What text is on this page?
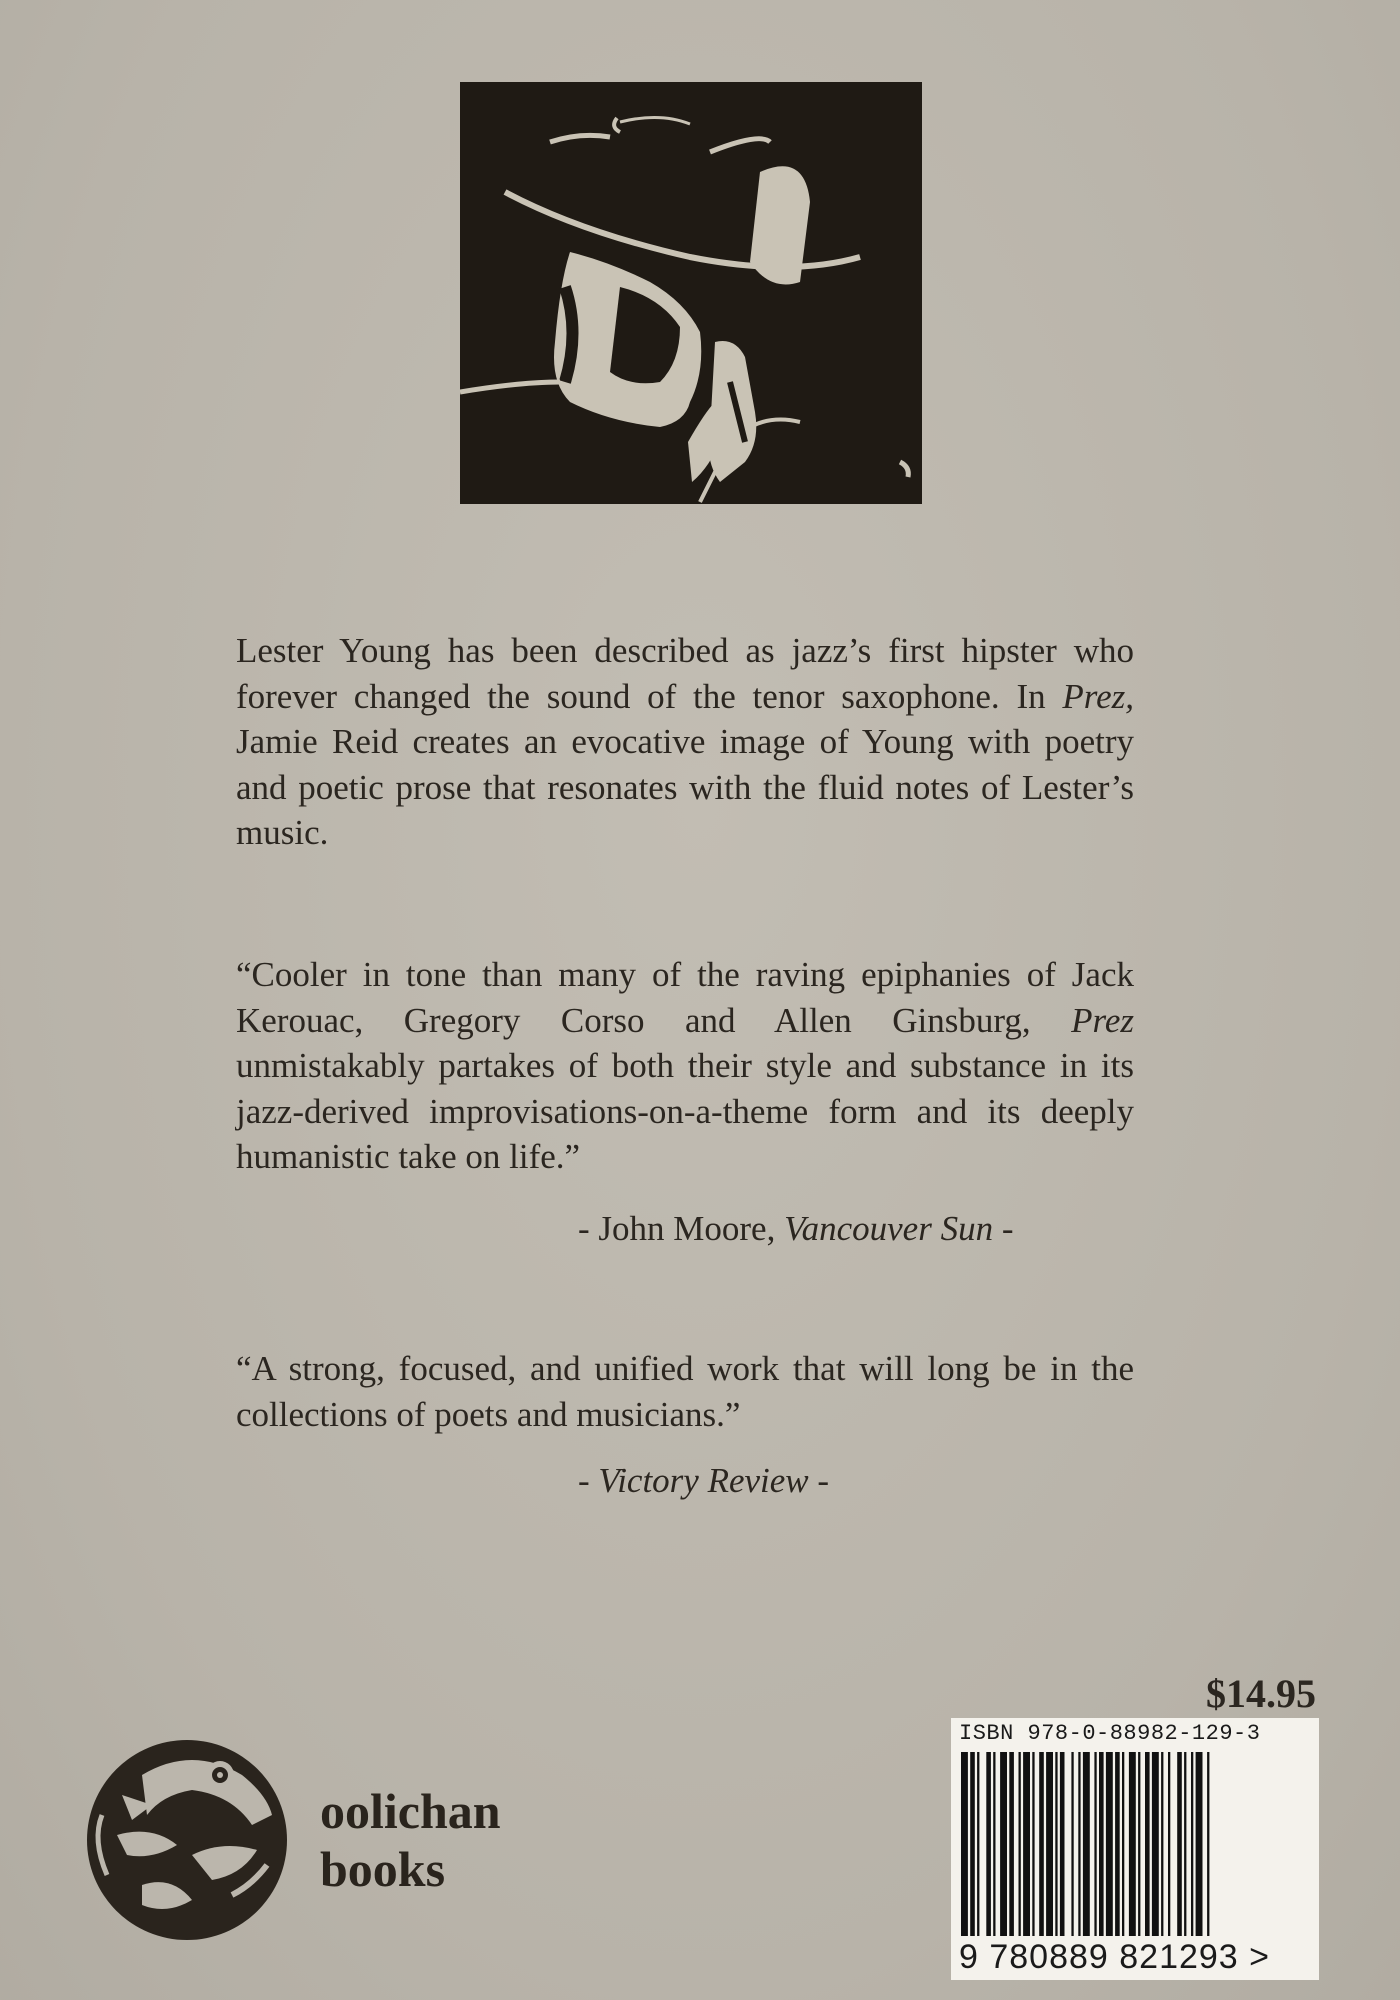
Lester Young has been described as jazz’s first hipster who forever changed the sound of the tenor saxophone. In Prez, Jamie Reid creates an evocative image of Young with poetry and poetic prose that resonates with the fluid notes of Lester’s music.

“Cooler in tone than many of the raving epiphanies of Jack Kerouac, Gregory Corso and Allen Ginsburg, Prez unmistakably partakes of both their style and substance in its jazz-derived improvisations-on-a-theme form and its deeply humanistic take on life.”

- John Moore, Vancouver Sun -

“A strong, focused, and unified work that will long be in the collections of poets and musicians.”

- Victory Review -
$14.95
ISBN 978-0-88982-129-3
9 780889 821293 >
oolichan
books
